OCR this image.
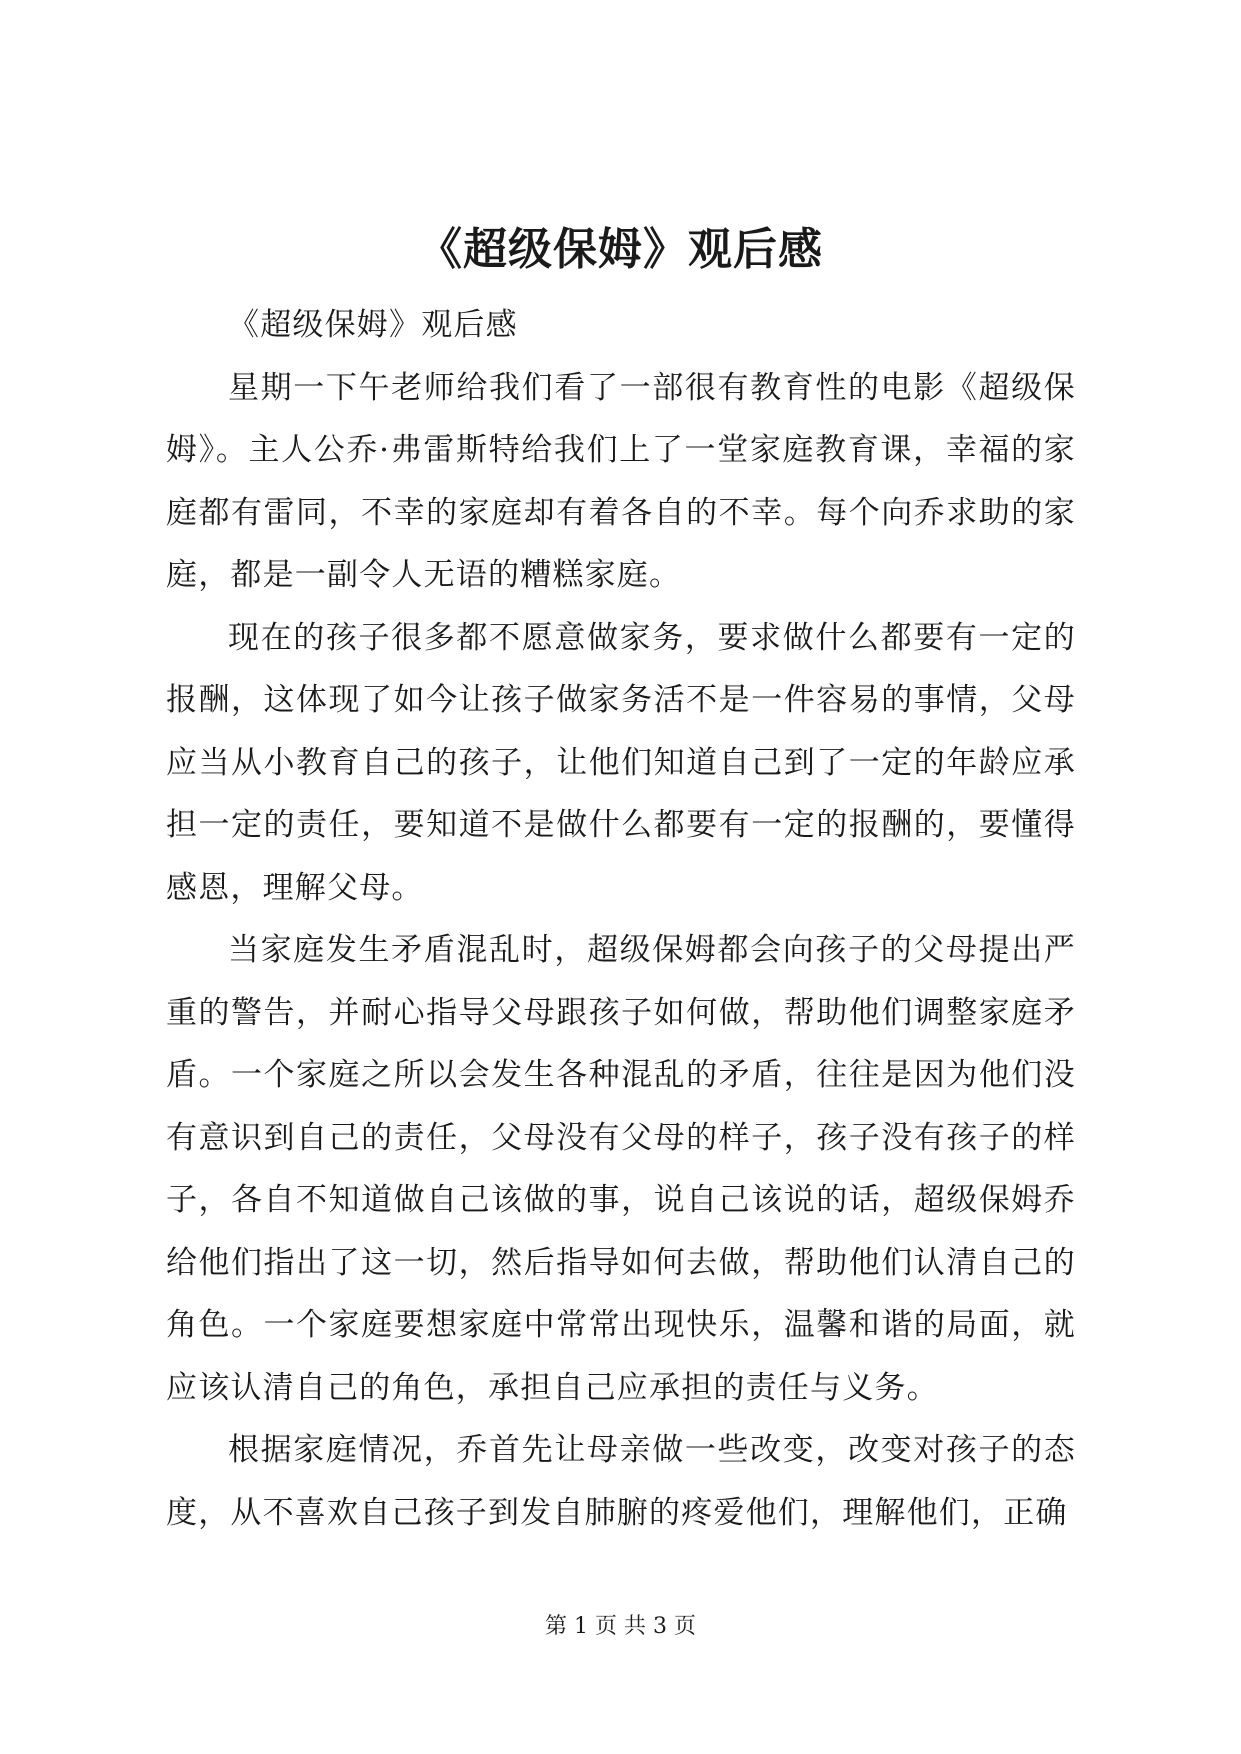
《超级保姆》观后感

《超级保姆》观后感

星期一下午老师给我们看了一部很有教育性的电影《超级保姆》。主人公乔·弗雷斯特给我们上了一堂家庭教育课，幸福的家庭都有雷同，不幸的家庭却有着各自的不幸。每个向乔求助的家庭，都是一副令人无语的糟糕家庭。

现在的孩子很多都不愿意做家务，要求做什么都要有一定的报酬，这体现了如今让孩子做家务活不是一件容易的事情，父母应当从小教育自己的孩子，让他们知道自己到了一定的年龄应承担一定的责任，要知道不是做什么都要有一定的报酬的，要懂得感恩，理解父母。

当家庭发生矛盾混乱时，超级保姆都会向孩子的父母提出严重的警告，并耐心指导父母跟孩子如何做，帮助他们调整家庭矛盾。一个家庭之所以会发生各种混乱的矛盾，往往是因为他们没有意识到自己的责任，父母没有父母的样子，孩子没有孩子的样子，各自不知道做自己该做的事，说自己该说的话，超级保姆乔给他们指出了这一切，然后指导如何去做，帮助他们认清自己的角色。一个家庭要想家庭中常常出现快乐，温馨和谐的局面，就应该认清自己的角色，承担自己应承担的责任与义务。

根据家庭情况，乔首先让母亲做一些改变，改变对孩子的态度，从不喜欢自己孩子到发自肺腑的疼爱他们，理解他们，正确

第 1 页 共 3 页
